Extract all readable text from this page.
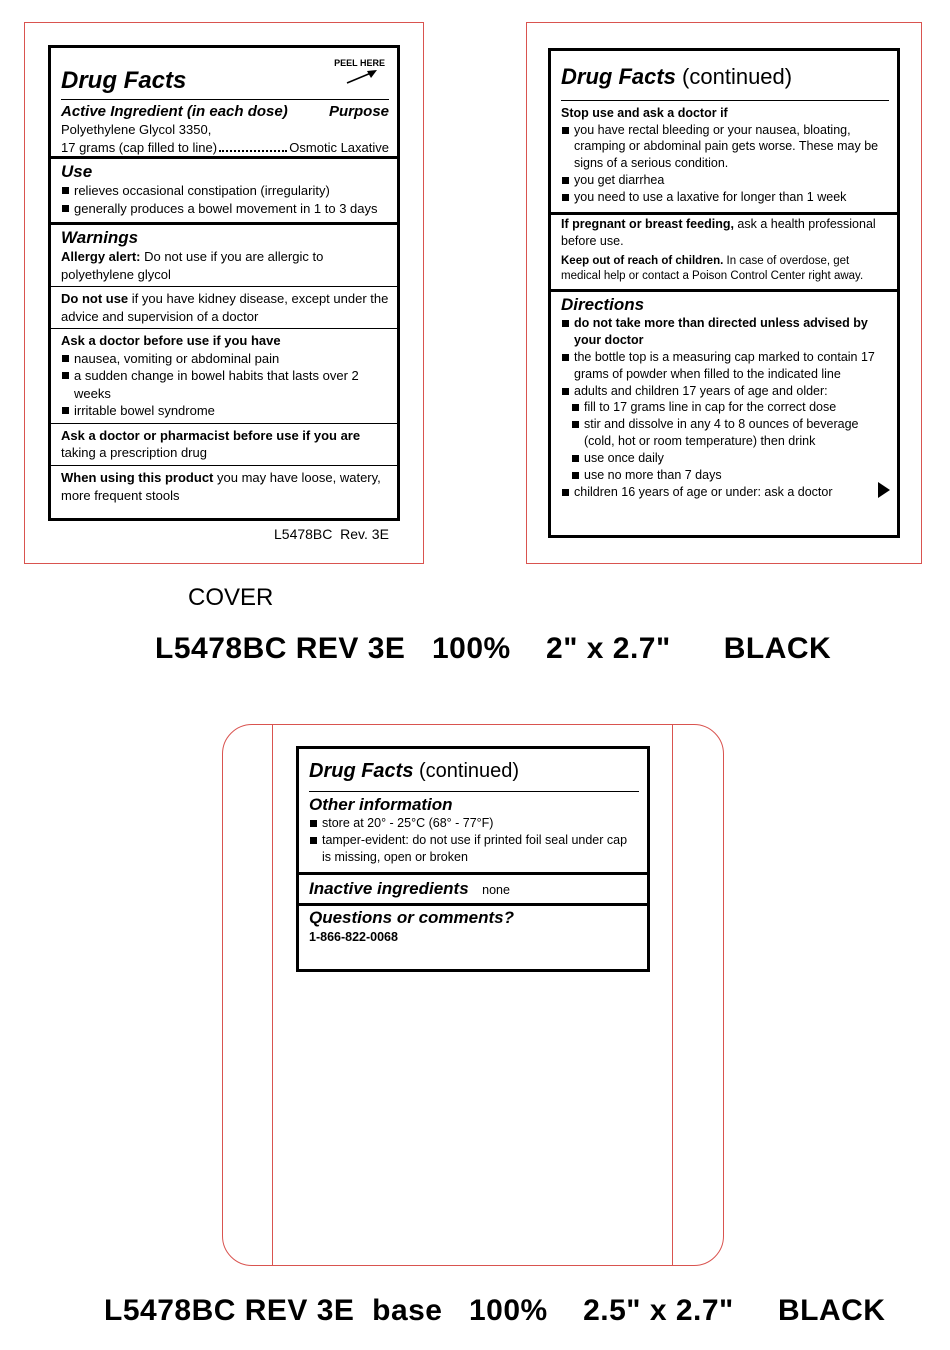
Drug Facts
PEEL HERE
Active Ingredient (in each dose)	Purpose
Polyethylene Glycol 3350,
17 grams (cap filled to line)	Osmotic Laxative
Use
relieves occasional constipation (irregularity)
generally produces a bowel movement in 1 to 3 days
Warnings
Allergy alert: Do not use if you are allergic to polyethylene glycol
Do not use if you have kidney disease, except under the advice and supervision of a doctor
Ask a doctor before use if you have
nausea, vomiting or abdominal pain
a sudden change in bowel habits that lasts over 2 weeks
irritable bowel syndrome
Ask a doctor or pharmacist before use if you are taking a prescription drug
When using this product you may have loose, watery, more frequent stools
L5478BC  Rev. 3E
Drug Facts (continued)
Stop use and ask a doctor if
you have rectal bleeding or your nausea, bloating, cramping or abdominal pain gets worse. These may be signs of a serious condition.
you get diarrhea
you need to use a laxative for longer than 1 week
If pregnant or breast feeding, ask a health professional before use.
Keep out of reach of children. In case of overdose, get medical help or contact a Poison Control Center right away.
Directions
do not take more than directed unless advised by your doctor
the bottle top is a measuring cap marked to contain 17 grams of powder when filled to the indicated line
adults and children 17 years of age and older:
fill to 17 grams line in cap for the correct dose
stir and dissolve in any 4 to 8 ounces of beverage (cold, hot or room temperature) then drink
use once daily
use no more than 7 days
children 16 years of age or under: ask a doctor
COVER
L5478BC REV 3E   100%    2" x 2.7"      BLACK
Drug Facts (continued)
Other information
store at 20° - 25°C (68° - 77°F)
tamper-evident: do not use if printed foil seal under cap is missing, open or broken
Inactive ingredients none
Questions or comments?
1-866-822-0068
L5478BC REV 3E  base   100%    2.5" x 2.7"     BLACK
